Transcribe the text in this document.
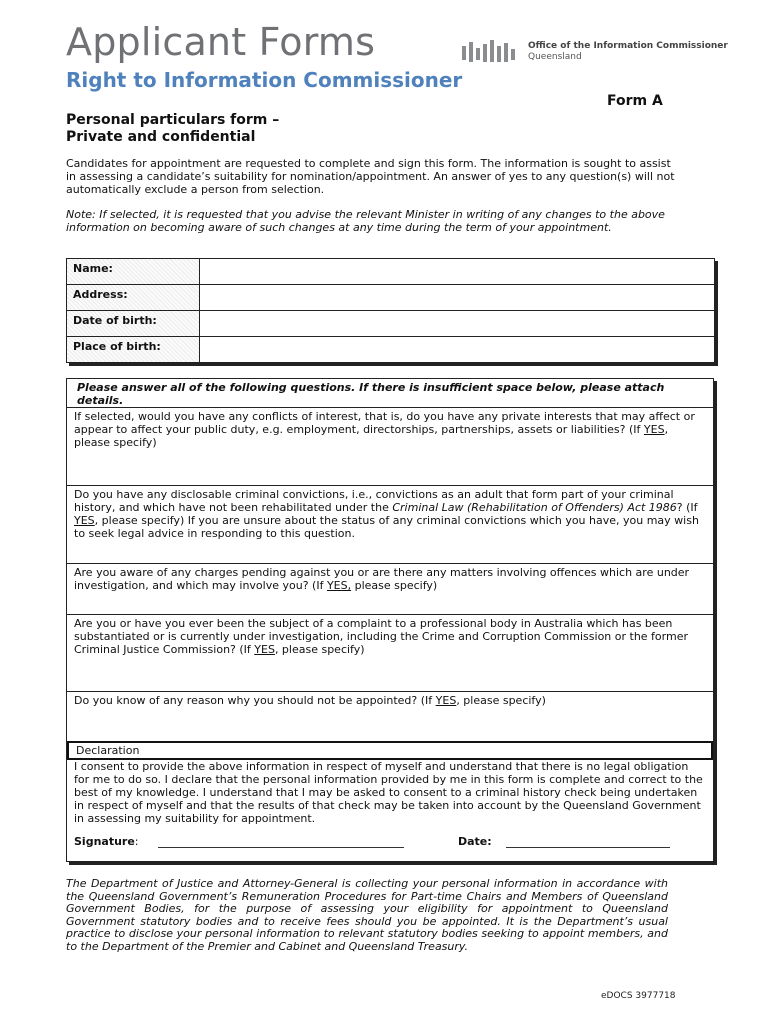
Applicant Forms
Right to Information Commissioner
Office of the Information Commissioner
Queensland
Form A
Personal particulars form –
Private and confidential
Candidates for appointment are requested to complete and sign this form. The information is sought to assist in assessing a candidate’s suitability for nomination/appointment. An answer of yes to any question(s) will not automatically exclude a person from selection.
Note: If selected, it is requested that you advise the relevant Minister in writing of any changes to the above information on becoming aware of such changes at any time during the term of your appointment.
Name:	
Address:	
Date of birth:	
Place of birth:	
Please answer all of the following questions. If there is insufficient space below, please attach details.
If selected, would you have any conflicts of interest, that is, do you have any private interests that may affect or appear to affect your public duty, e.g. employment, directorships, partnerships, assets or liabilities? (If YES, please specify)
Do you have any disclosable criminal convictions, i.e., convictions as an adult that form part of your criminal history, and which have not been rehabilitated under the Criminal Law (Rehabilitation of Offenders) Act 1986? (If YES, please specify) If you are unsure about the status of any criminal convictions which you have, you may wish to seek legal advice in responding to this question.
Are you aware of any charges pending against you or are there any matters involving offences which are under investigation, and which may involve you? (If YES, please specify)
Are you or have you ever been the subject of a complaint to a professional body in Australia which has been substantiated or is currently under investigation, including the Crime and Corruption Commission or the former Criminal Justice Commission? (If YES, please specify)
Do you know of any reason why you should not be appointed? (If YES, please specify)
Declaration
I consent to provide the above information in respect of myself and understand that there is no legal obligation for me to do so. I declare that the personal information provided by me in this form is complete and correct to the best of my knowledge. I understand that I may be asked to consent to a criminal history check being undertaken in respect of myself and that the results of that check may be taken into account by the Queensland Government in assessing my suitability for appointment.
Signature:	Date:
The Department of Justice and Attorney-General is collecting your personal information in accordance with the Queensland Government’s Remuneration Procedures for Part-time Chairs and Members of Queensland Government Bodies, for the purpose of assessing your eligibility for appointment to Queensland Government statutory bodies and to receive fees should you be appointed. It is the Department’s usual practice to disclose your personal information to relevant statutory bodies seeking to appoint members, and to the Department of the Premier and Cabinet and Queensland Treasury.
eDOCS 3977718
